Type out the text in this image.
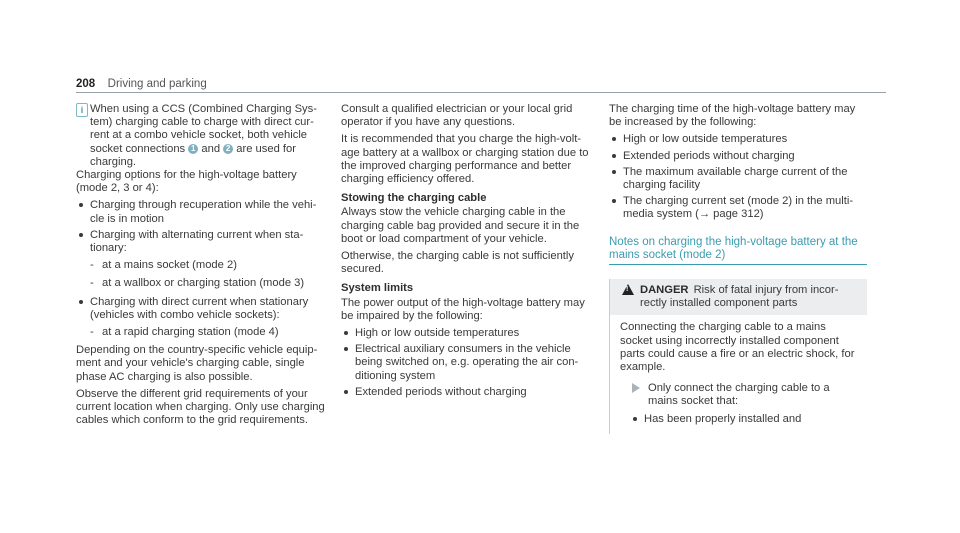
208 Driving and parking
i When using a CCS (Combined Charging Sys-
tem) charging cable to charge with direct cur-
rent at a combo vehicle socket, both vehicle
socket connections 1 and 2 are used for
charging.

Charging options for the high-voltage battery (mode 2, 3 or 4):

Charging through recuperation while the vehi-cle is in motion
Charging with alternating current when sta-tionary:
- at a mains socket (mode 2)
- at a wallbox or charging station (mode 3)
Charging with direct current when stationary (vehicles with combo vehicle sockets):
- at a rapid charging station (mode 4)

Depending on the country-specific vehicle equip-ment and your vehicle's charging cable, single phase AC charging is also possible.

Observe the different grid requirements of your current location when charging. Only use charging cables which conform to the grid requirements.

Consult a qualified electrician or your local grid operator if you have any questions.

It is recommended that you charge the high-volt-age battery at a wallbox or charging station due to the improved charging performance and better charging efficiency offered.

Stowing the charging cable

Always stow the vehicle charging cable in the charging cable bag provided and secure it in the boot or load compartment of your vehicle.

Otherwise, the charging cable is not sufficiently secured.

System limits

The power output of the high-voltage battery may be impaired by the following:

High or low outside temperatures
Electrical auxiliary consumers in the vehicle being switched on, e.g. operating the air con-ditioning system
Extended periods without charging

The charging time of the high-voltage battery may be increased by the following:

High or low outside temperatures
Extended periods without charging
The maximum available charge current of the charging facility
The charging current set (mode 2) in the multi-media system (→ page 312)
Notes on charging the high-voltage battery at the mains socket (mode 2)
! DANGER Risk of fatal injury from incor-rectly installed component parts

Connecting the charging cable to a mains socket using incorrectly installed component parts could cause a fire or an electric shock, for example.

Only connect the charging cable to a mains socket that:
Has been properly installed and
